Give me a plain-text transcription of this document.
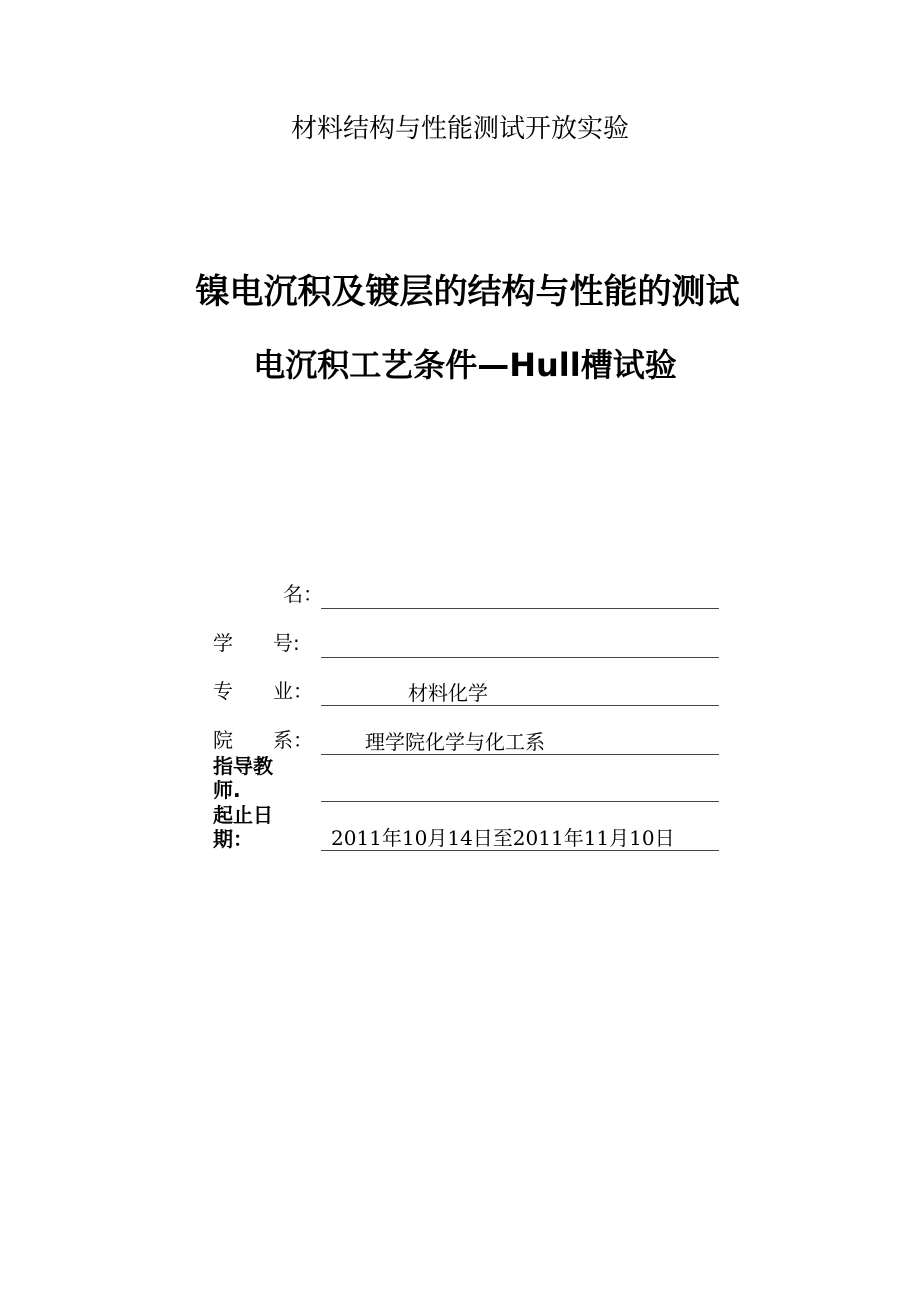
材料结构与性能测试开放实验
镍电沉积及镀层的结构与性能的测试
电沉积工艺条件—Hull槽试验
名：
学　　号:
专　　业：	材料化学
院　　系：	理学院化学与化工系
指导教师.
起止日期：	2011年10月14日至2011年11月10日
